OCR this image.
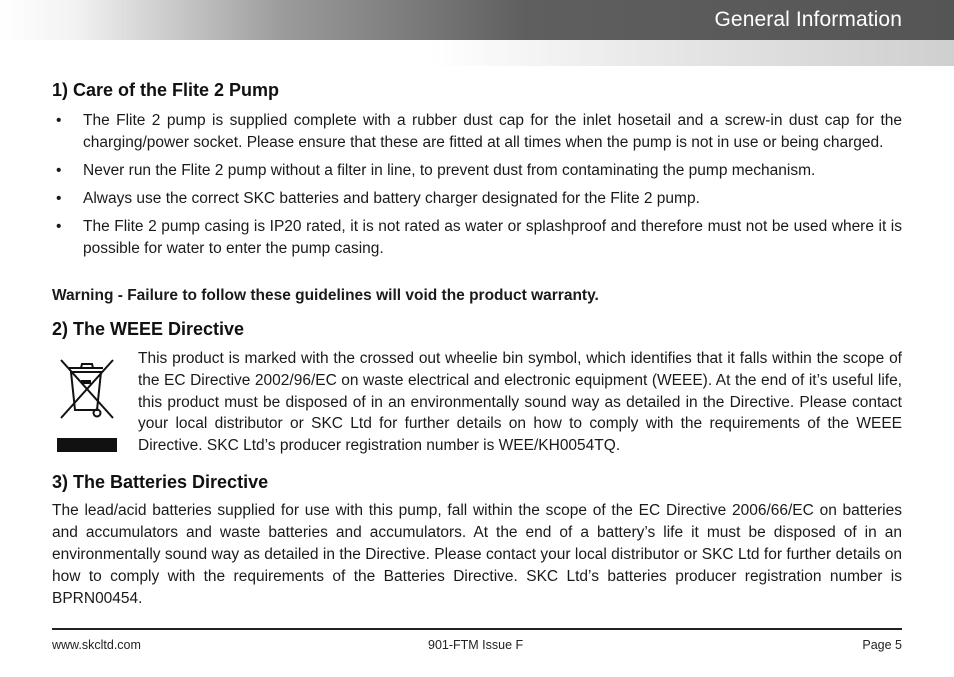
General Information
1) Care of the Flite 2 Pump
• The Flite 2 pump is supplied complete with a rubber dust cap for the inlet hosetail and a screw-in dust cap for the charging/power socket. Please ensure that these are fitted at all times when the pump is not in use or being charged.
• Never run the Flite 2 pump without a filter in line, to prevent dust from contaminating the pump mechanism.
• Always use the correct SKC batteries and battery charger designated for the Flite 2 pump.
• The Flite 2 pump casing is IP20 rated, it is not rated as water or splashproof and therefore must not be used where it is possible for water to enter the pump casing.
Warning - Failure to follow these guidelines will void the product warranty.
2) The WEEE Directive

This product is marked with the crossed out wheelie bin symbol, which identifies that it falls within the scope of the EC Directive 2002/96/EC on waste electrical and electronic equipment (WEEE). At the end of it’s useful life, this product must be disposed of in an environmentally sound way as detailed in the Directive. Please contact your local distributor or SKC Ltd for further details on how to comply with the requirements of the WEEE Directive. SKC Ltd’s producer registration number is WEE/KH0054TQ.

3) The Batteries Directive

The lead/acid batteries supplied for use with this pump, fall within the scope of the EC Directive 2006/66/EC on batteries and accumulators and waste batteries and accumulators. At the end of a battery’s life it must be disposed of in an environmentally sound way as detailed in the Directive. Please contact your local distributor or SKC Ltd for further details on how to comply with the requirements of the Batteries Directive. SKC Ltd’s batteries producer registration number is BPRN00454.

www.skcltd.com	901-FTM Issue F	Page 5
